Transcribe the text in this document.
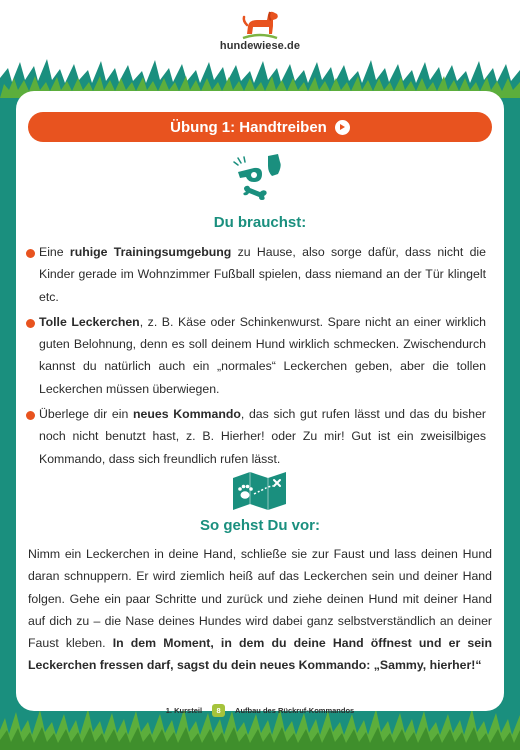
hundewiese.de
Übung 1: Handtreiben
Du brauchst:
Eine ruhige Trainingsumgebung zu Hause, also sorge dafür, dass nicht die Kinder gerade im Wohnzimmer Fußball spielen, dass niemand an der Tür klingelt etc.
Tolle Leckerchen, z. B. Käse oder Schinkenwurst. Spare nicht an einer wirklich guten Belohnung, denn es soll deinem Hund wirklich schmecken. Zwischendurch kannst du natürlich auch ein „normales“ Leckerchen geben, aber die tollen Leckerchen müssen überwiegen.
Überlege dir ein neues Kommando, das sich gut rufen lässt und das du bisher noch nicht benutzt hast, z. B. Hierher! oder Zu mir! Gut ist ein zweisilbiges Kommando, dass sich freundlich rufen lässt.
So gehst Du vor:

Nimm ein Leckerchen in deine Hand, schließe sie zur Faust und lass deinen Hund daran schnuppern. Er wird ziemlich heiß auf das Leckerchen sein und deiner Hand folgen. Gehe ein paar Schritte und zurück und ziehe deinen Hund mit deiner Hand auf dich zu – die Nase deines Hundes wird dabei ganz selbstverständlich an deiner Faust kleben. In dem Moment, in dem du deine Hand öffnest und er sein Leckerchen fressen darf, sagst du dein neues Kommando: „Sammy, hierher!“

1. Kursteil	8	Aufbau des Rückruf-Kommandos
